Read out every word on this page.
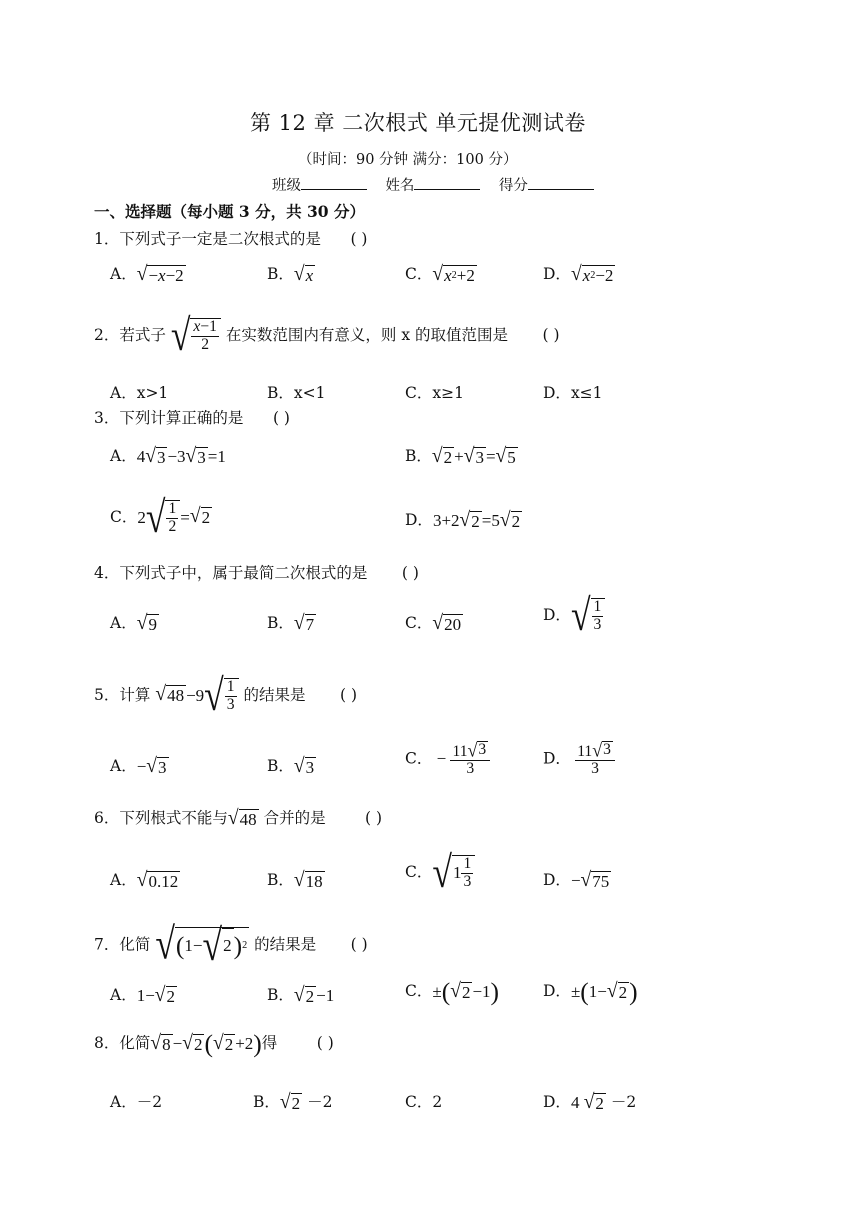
第 12 章 二次根式 单元提优测试卷
（时间：90 分钟 满分：100 分）
班级	姓名	得分
一、选择题（每小题 3 分，共 30 分）
1．下列式子一定是二次根式的是 ( )
A． √ − x −2	B． √ x	C． √ x 2 +2	D． √ x 2 −2
2．若式子 √ $\frac{x-1}{2}$ 在实数范围内有意义，则 x 的取值范围是 ( )
A．x>1	B．x<1	C．x≥1	D．x≤1
3．下列计算正确的是 ( )
A．4 √ 3 −3 √ 3 =1	B． √ 2 + √ 3 = √ 5
C．2 √ $\frac{1}{2}$ = √ 2	D．3+2 √ 2 =5 √ 2
4．下列式子中，属于最简二次根式的是 ( )
A． √ 9	B． √ 7	C． √ 20	D． √ $\frac{1}{3}$
5．计算 √ 48 −9 √ $\frac{1}{3}$ 的结果是 ( )
A．− √ 3	B． √ 3	C． − $\frac{11 √ 3}{3}$	D． $\frac{11 √ 3}{3}$
6．下列根式不能与 √ 48 合并的是	( )
A． √ 0.12	B． √ 18	C． √ $1 \frac{1}{3}$	D．− √ 75
7．化简 √ ( 1− √ 2 ) 2 的结果是 ( )
A．1− √ 2	B． √ 2 −1	C．± ( √ 2 −1 )	D．± ( 1− √ 2 )
8．化简 √ 8 − √ 2 ( √ 2 +2 ) 得	( )
A．－2	B． √ 2 －2	C．2	D．4 √ 2 －2
